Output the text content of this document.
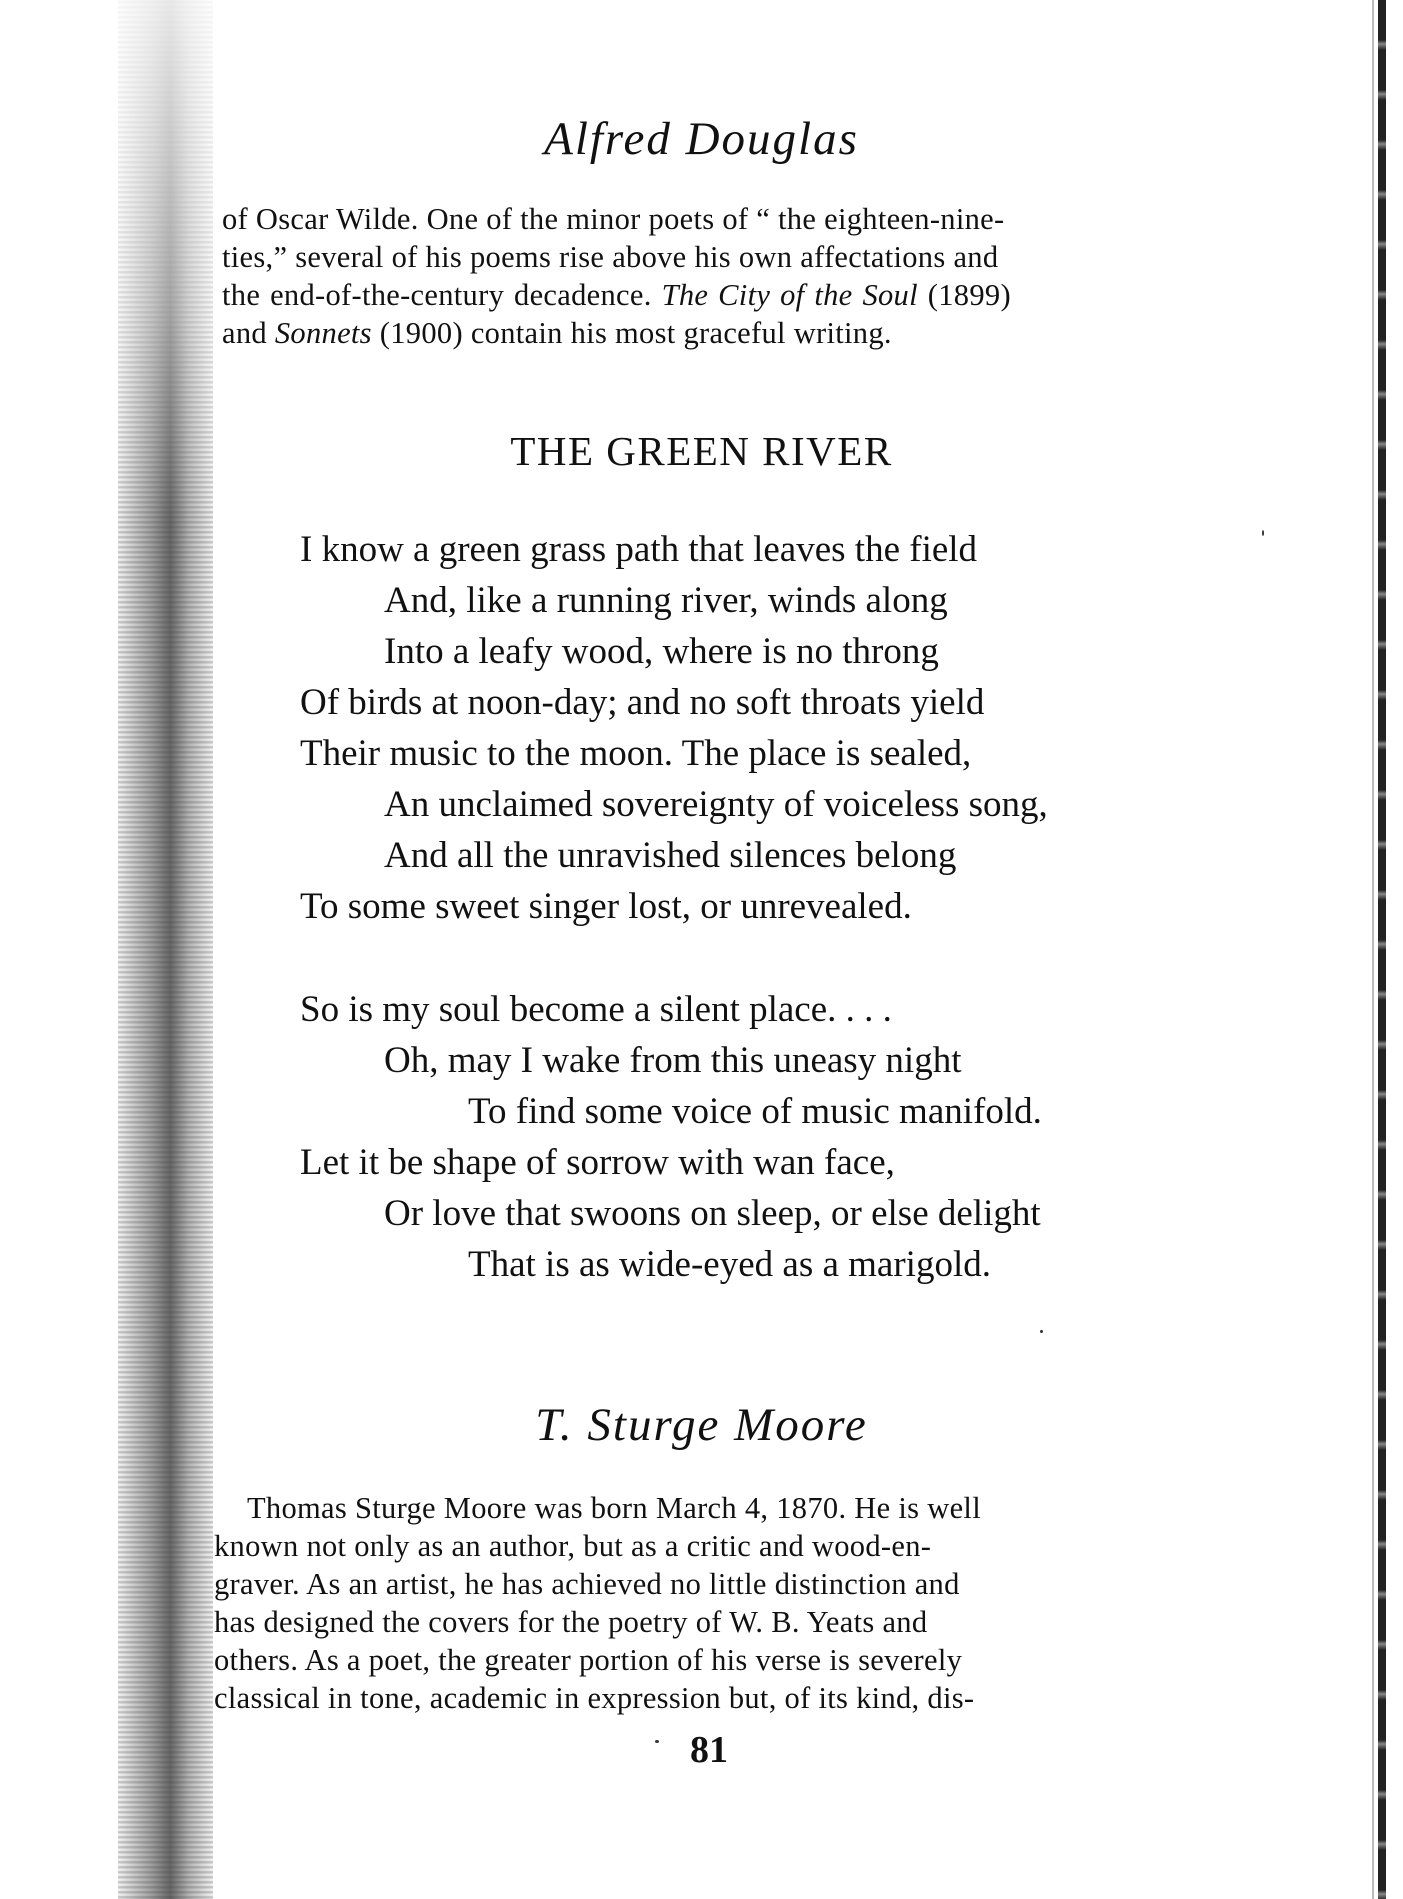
Alfred Douglas

of Oscar Wilde. One of the minor poets of “ the eighteen-nine-

ties,” several of his poems rise above his own affectations and

the end-of-the-century decadence. The City of the Soul (1899)

and Sonnets (1900) contain his most graceful writing.

THE GREEN RIVER
I know a green grass path that leaves the field
And, like a running river, winds along
Into a leafy wood, where is no throng
Of birds at noon-day; and no soft throats yield
Their music to the moon. The place is sealed,
An unclaimed sovereignty of voiceless song,
And all the unravished silences belong
To some sweet singer lost, or unrevealed.
So is my soul become a silent place. . . .
Oh, may I wake from this uneasy night
To find some voice of music manifold.
Let it be shape of sorrow with wan face,
Or love that swoons on sleep, or else delight
That is as wide-eyed as a marigold.
T. Sturge Moore

Thomas Sturge Moore was born March 4, 1870. He is well

known not only as an author, but as a critic and wood-en-

graver. As an artist, he has achieved no little distinction and

has designed the covers for the poetry of W. B. Yeats and

others. As a poet, the greater portion of his verse is severely

classical in tone, academic in expression but, of its kind, dis-

81
